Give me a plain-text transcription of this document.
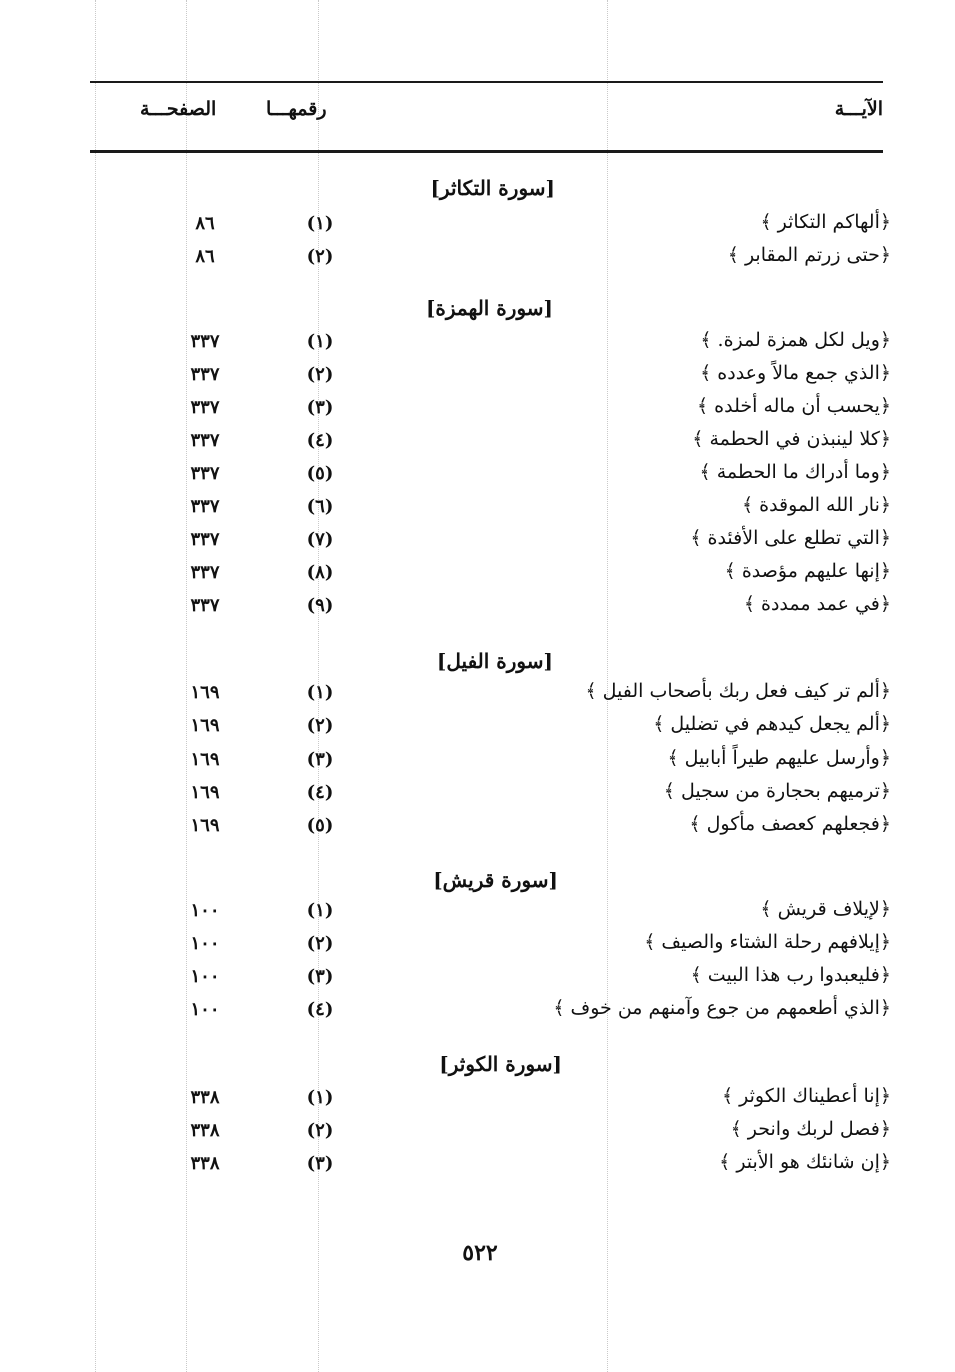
الآيـــة
رقمهـــا
الصفحـــة
[سورة التكاثر]
﴿ألهاكم التكاثر ﴾
(١)
٨٦
﴿حتى زرتم المقابر ﴾
(٢)
٨٦
[سورة الهمزة]
﴿ويل لكل همزة لمزة. ﴾
(١)
٣٣٧
﴿الذي جمع مالاً وعدده ﴾
(٢)
٣٣٧
﴿يحسب أن ماله أخلده ﴾
(٣)
٣٣٧
﴿كلا لينبذن في الحطمة ﴾
(٤)
٣٣٧
﴿وما أدراك ما الحطمة ﴾
(٥)
٣٣٧
﴿نار الله الموقدة ﴾
(٦)
٣٣٧
﴿التي تطلع على الأفئدة ﴾
(٧)
٣٣٧
﴿إنها عليهم مؤصدة ﴾
(٨)
٣٣٧
﴿في عمد ممددة ﴾
(٩)
٣٣٧
[سورة الفيل]
﴿ألم تر كيف فعل ربك بأصحاب الفيل ﴾
(١)
١٦٩
﴿ألم يجعل كيدهم في تضليل ﴾
(٢)
١٦٩
﴿وأرسل عليهم طيراً أبابيل ﴾
(٣)
١٦٩
﴿ترميهم بحجارة من سجيل ﴾
(٤)
١٦٩
﴿فجعلهم كعصف مأكول ﴾
(٥)
١٦٩
[سورة قريش]
﴿لإيلاف قريش ﴾
(١)
١٠٠
﴿إيلافهم رحلة الشتاء والصيف ﴾
(٢)
١٠٠
﴿فليعبدوا رب هذا البيت ﴾
(٣)
١٠٠
﴿الذي أطعمهم من جوع وآمنهم من خوف ﴾
(٤)
١٠٠
[سورة الكوثر]
﴿إنا أعطيناك الكوثر ﴾
(١)
٣٣٨
﴿فصل لربك وانحر ﴾
(٢)
٣٣٨
﴿إن شانئك هو الأبتر ﴾
(٣)
٣٣٨
٥٢٢
